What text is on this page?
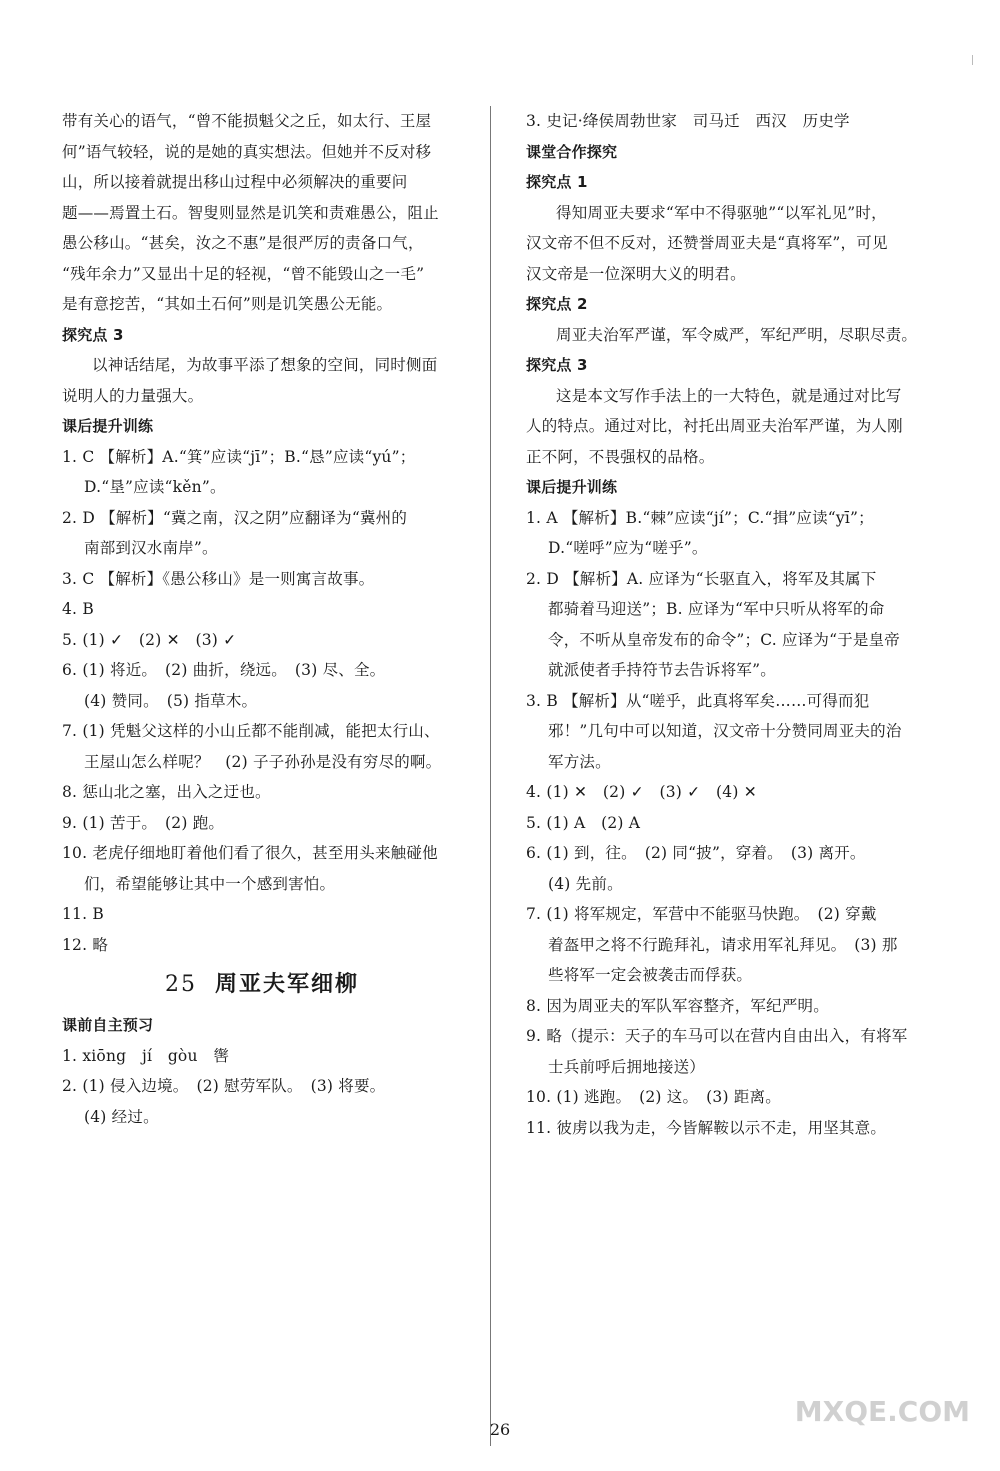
带有关心的语气，“曾不能损魁父之丘，如太行、王屋
何”语气较轻，说的是她的真实想法。但她并不反对移
山，所以接着就提出移山过程中必须解决的重要问
题——焉置土石。智叟则显然是讥笑和责难愚公，阻止
愚公移山。“甚矣，汝之不惠”是很严厉的责备口气，
“残年余力”又显出十足的轻视，“曾不能毁山之一毛”
是有意挖苦，“其如土石何”则是讥笑愚公无能。
探究点 3
以神话结尾，为故事平添了想象的空间，同时侧面
说明人的力量强大。
课后提升训练
1. C 【解析】A.“箕”应读“jī”；B.“恳”应读“yú”；
D.“垦”应读“kěn”。
2. D 【解析】“冀之南，汉之阴”应翻译为“冀州的
南部到汉水南岸”。
3. C 【解析】《愚公移山》是一则寓言故事。
4. B
5. (1) ✓　(2) ✕　(3) ✓
6. (1) 将近。　(2) 曲折，绕远。　(3) 尽、全。
(4) 赞同。　(5) 指草木。
7. (1) 凭魁父这样的小山丘都不能削减，能把太行山、
王屋山怎么样呢？　(2) 子子孙孙是没有穷尽的啊。
8. 惩山北之塞，出入之迂也。
9. (1) 苦于。　(2) 跑。
10. 老虎仔细地盯着他们看了很久，甚至用头来触碰他
们，希望能够让其中一个感到害怕。
11. B
12. 略
25 周亚夫军细柳
课前自主预习
1. xiōng　jí　gòu　辔
2. (1) 侵入边境。　(2) 慰劳军队。　(3) 将要。
(4) 经过。
3. 史记·绛侯周勃世家　司马迁　西汉　历史学
课堂合作探究
探究点 1
得知周亚夫要求“军中不得驱驰”“以军礼见”时，
汉文帝不但不反对，还赞誉周亚夫是“真将军”，可见
汉文帝是一位深明大义的明君。
探究点 2
周亚夫治军严谨，军令威严，军纪严明，尽职尽责。
探究点 3
这是本文写作手法上的一大特色，就是通过对比写
人的特点。通过对比，衬托出周亚夫治军严谨，为人刚
正不阿，不畏强权的品格。
课后提升训练
1. A 【解析】B.“棘”应读“jí”；C.“揖”应读“yī”；
D.“嗟呼”应为“嗟乎”。
2. D 【解析】A. 应译为“长驱直入，将军及其属下
都骑着马迎送”；B. 应译为“军中只听从将军的命
令，不听从皇帝发布的命令”；C. 应译为“于是皇帝
就派使者手持符节去告诉将军”。
3. B 【解析】从“嗟乎，此真将军矣……可得而犯
邪！”几句中可以知道，汉文帝十分赞同周亚夫的治
军方法。
4. (1) ✕　(2) ✓　(3) ✓　(4) ✕
5. (1) A　(2) A
6. (1) 到，往。　(2) 同“披”，穿着。　(3) 离开。
(4) 先前。
7. (1) 将军规定，军营中不能驱马快跑。　(2) 穿戴
着盔甲之将不行跪拜礼，请求用军礼拜见。　(3) 那
些将军一定会被袭击而俘获。
8. 因为周亚夫的军队军容整齐，军纪严明。
9. 略（提示：天子的车马可以在营内自由出入，有将军
士兵前呼后拥地接送）
10. (1) 逃跑。　(2) 这。　(3) 距离。
11. 彼虏以我为走，今皆解鞍以示不走，用坚其意。
26
MXQE.COM
